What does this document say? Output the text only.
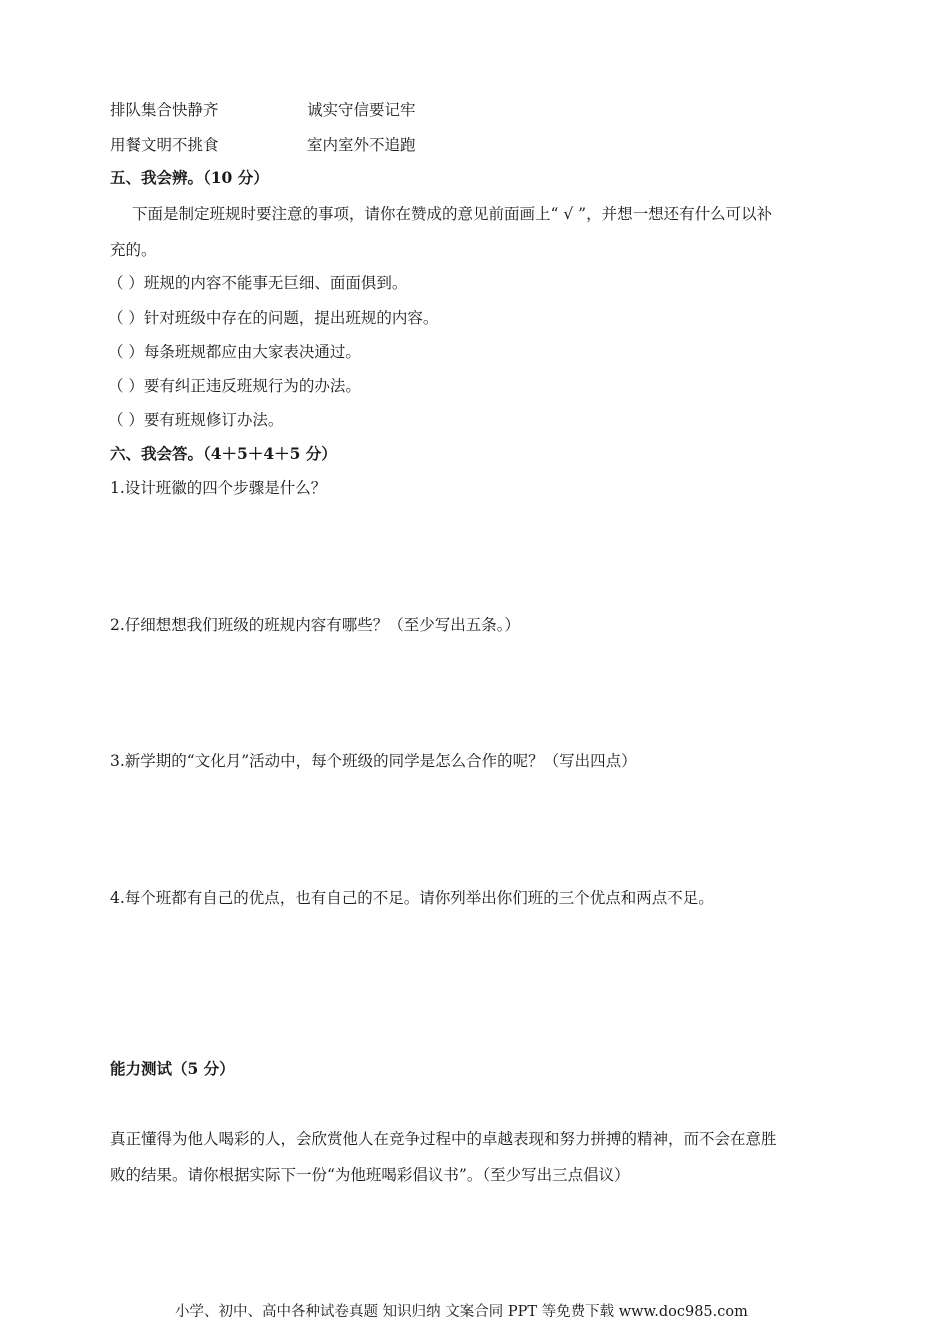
排队集合快静齐	诚实守信要记牢
用餐文明不挑食	室内室外不追跑
五、我会辨。（10 分）
下面是制定班规时要注意的事项，请你在赞成的意见前面画上“ √ ”，并想一想还有什么可以补
充的。
（ ）班规的内容不能事无巨细、面面俱到。
（ ）针对班级中存在的问题，提出班规的内容。
（ ）每条班规都应由大家表决通过。
（ ）要有纠正违反班规行为的办法。
（ ）要有班规修订办法。
六、我会答。（4＋5＋4＋5 分）
1.设计班徽的四个步骤是什么？
2.仔细想想我们班级的班规内容有哪些？（至少写出五条。）
3.新学期的“文化月”活动中，每个班级的同学是怎么合作的呢？（写出四点）
4.每个班都有自己的优点，也有自己的不足。请你列举出你们班的三个优点和两点不足。
能力测试（5 分）
真正懂得为他人喝彩的人，会欣赏他人在竞争过程中的卓越表现和努力拼搏的精神，而不会在意胜
败的结果。请你根据实际下一份“为他班喝彩倡议书”。（至少写出三点倡议）
小学、初中、高中各种试卷真题 知识归纳 文案合同 PPT 等免费下载 www.doc985.com
